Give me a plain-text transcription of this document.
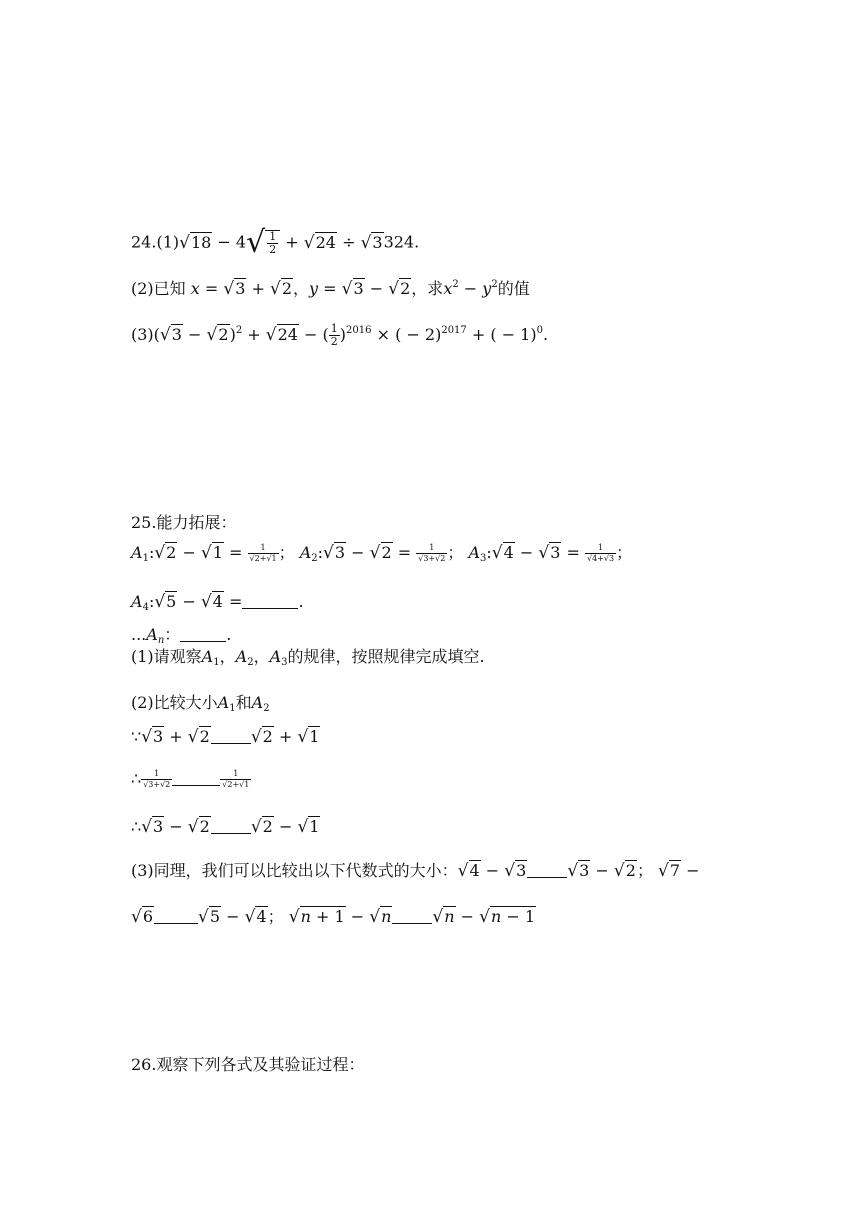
$24.(1)√18 - 4√ \frac{1}{2} + √24 \div √3324$.
(2)已知 x = √3 + √2，y = √3 − √2，求$x^2 - y^2$的值
$(3)(√3 - √2)^2 + √24$ − ( $\frac{1}{2} )^{2016}$ × ( − 2)$^{2017}$ + ( − 1)$^0$.
25.能力拓展：
$A_1:√2 - √1 = \frac{1}{√2+√1}$ ； $A_2:√3 - √2 = \frac{1}{√3+√2}$ ； $A_3:√4 - √3 = \frac{1}{√4+√3}$ ；
$A_4:√5 - √4$ =	.
$...A_n$：	.
(1)请观察$A_1$，$A_2$，$A_3$的规律，按照规律完成填空.
(2)比较大小$A_1$和$A_2$
∵√3 + √2 √2 + √1
∴ $\frac{1}{√3+√2}$	$\frac{1}{√2+√1}$
∴√3 − √2 √2 − √1
(3)同理，我们可以比较出以下代数式的大小：√4 − √3 √3 − √2； √7 −
√6	√5 − √4； √n + 1 − √n √n − √n − 1
26.观察下列各式及其验证过程：
